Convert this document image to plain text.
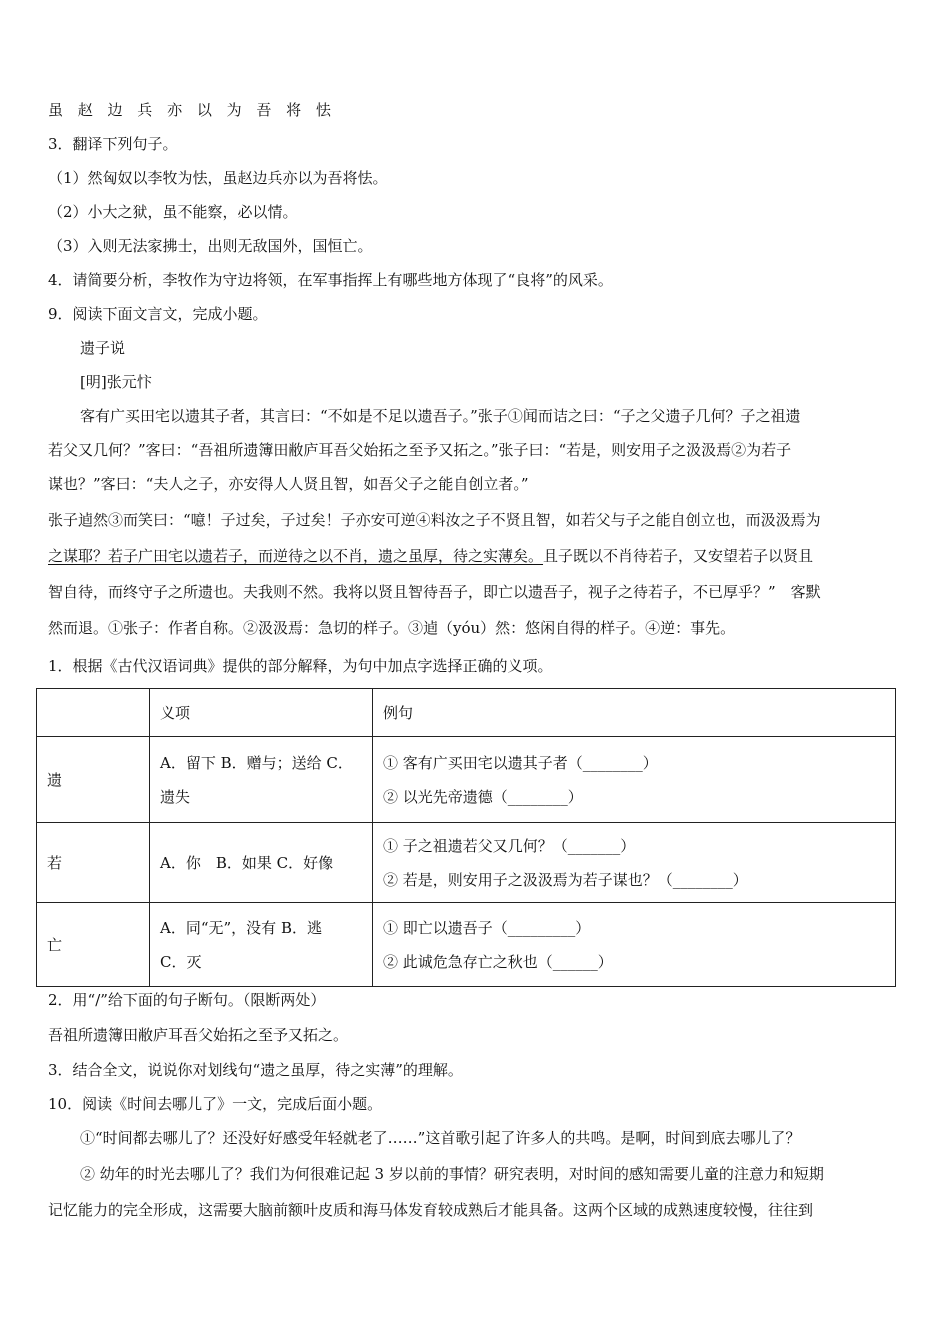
虽 赵 边 兵 亦 以 为 吾 将 怯
3．翻译下列句子。
（1）然匈奴以李牧为怯，虽赵边兵亦以为吾将怯。
（2）小大之狱，虽不能察，必以情。
（3）入则无法家拂士，出则无敌国外，国恒亡。
4．请简要分析，李牧作为守边将领，在军事指挥上有哪些地方体现了“良将”的风采。
9．阅读下面文言文，完成小题。
遗子说
[明]张元忭
客有广买田宅以遗其子者，其言曰：“不如是不足以遗吾子。”张子①闻而诘之曰：“子之父遗子几何？子之祖遗
若父又几何？”客曰：“吾祖所遗簿田敝庐耳吾父始拓之至予又拓之。”张子曰：“若是，则安用子之汲汲焉②为若子
谋也？”客曰：“夫人之子，亦安得人人贤且智，如吾父子之能自创立者。”
张子逌然③而笑曰：“噫！子过矣，子过矣！子亦安可逆④料汝之子不贤且智，如若父与子之能自创立也，而汲汲焉为
之谋耶？若子广田宅以遗若子，而逆待之以不肖，遗之虽厚，待之实薄矣。且子既以不肖待若子，又安望若子以贤且
智自待，而终守子之所遗也。夫我则不然。我将以贤且智待吾子，即亡以遗吾子，视子之待若子，不已厚乎？”　客默
然而退。①张子：作者自称。②汲汲焉：急切的样子。③逌（yóu）然：悠闲自得的样子。④逆：事先。
1．根据《古代汉语词典》提供的部分解释，为句中加点字选择正确的义项。
	义项	例句
遗	A．留下 B．赠与；送给 C．
遗失	① 客有广买田宅以遗其子者（________）
② 以光先帝遗德（________）

若	A．你　B．如果 C．好像	① 子之祖遗若父又几何？（_______）
② 若是，则安用子之汲汲焉为若子谋也？（________）

亡	A．同“无”，没有 B．逃
C．灭	① 即亡以遗吾子（_________）
② 此诚危急存亡之秋也（______）
2．用“/”给下面的句子断句。（限断两处）
吾祖所遗簿田敝庐耳吾父始拓之至予又拓之。
3．结合全文，说说你对划线句“遗之虽厚，待之实薄”的理解。
10．阅读《时间去哪儿了》一文，完成后面小题。
①“时间都去哪儿了？还没好好感受年轻就老了……”这首歌引起了许多人的共鸣。是啊，时间到底去哪儿了？
② 幼年的时光去哪儿了？我们为何很难记起 3 岁以前的事情？研究表明，对时间的感知需要儿童的注意力和短期
记忆能力的完全形成，这需要大脑前额叶皮质和海马体发育较成熟后才能具备。这两个区域的成熟速度较慢，往往到
